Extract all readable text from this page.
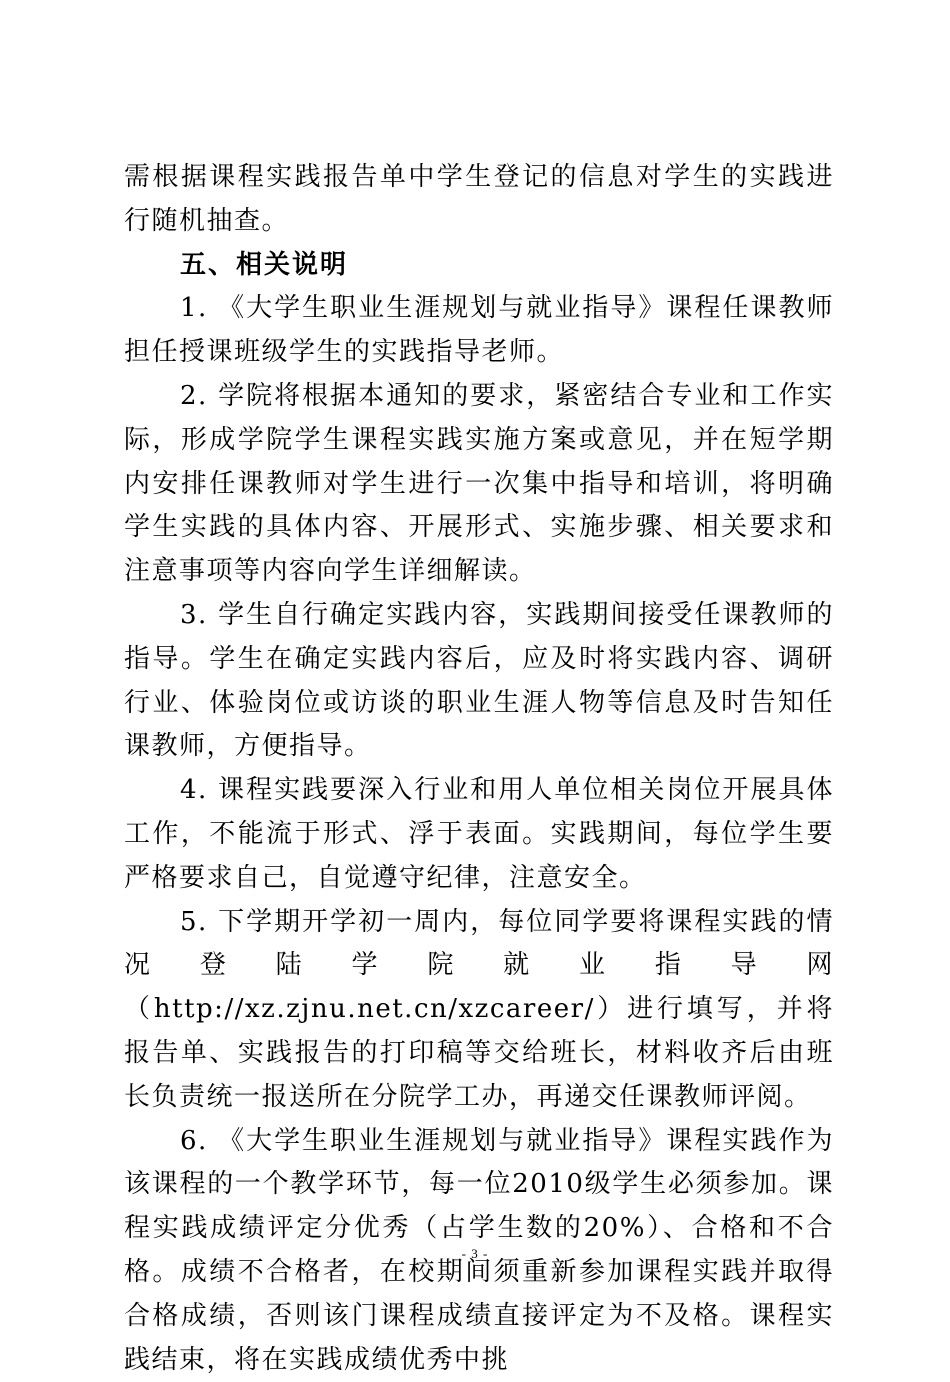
需根据课程实践报告单中学生登记的信息对学生的实践进行随机抽查。

五、相关说明

1. 《大学生职业生涯规划与就业指导》课程任课教师担任授课班级学生的实践指导老师。

2. 学院将根据本通知的要求，紧密结合专业和工作实际，形成学院学生课程实践实施方案或意见，并在短学期内安排任课教师对学生进行一次集中指导和培训，将明确学生实践的具体内容、开展形式、实施步骤、相关要求和注意事项等内容向学生详细解读。

3. 学生自行确定实践内容，实践期间接受任课教师的指导。学生在确定实践内容后，应及时将实践内容、调研行业、体验岗位或访谈的职业生涯人物等信息及时告知任课教师，方便指导。

4. 课程实践要深入行业和用人单位相关岗位开展具体工作，不能流于形式、浮于表面。实践期间，每位学生要严格要求自己，自觉遵守纪律，注意安全。

5. 下学期开学初一周内，每位同学要将课程实践的情况登陆学院就业指导网（http://xz.zjnu.net.cn/xzcareer/）进行填写，并将报告单、实践报告的打印稿等交给班长，材料收齐后由班长负责统一报送所在分院学工办，再递交任课教师评阅。

6. 《大学生职业生涯规划与就业指导》课程实践作为该课程的一个教学环节，每一位2010级学生必须参加。课程实践成绩评定分优秀（占学生数的20%）、合格和不合格。成绩不合格者，在校期间须重新参加课程实践并取得合格成绩，否则该门课程成绩直接评定为不及格。课程实践结束，将在实践成绩优秀中挑

- 3 -
